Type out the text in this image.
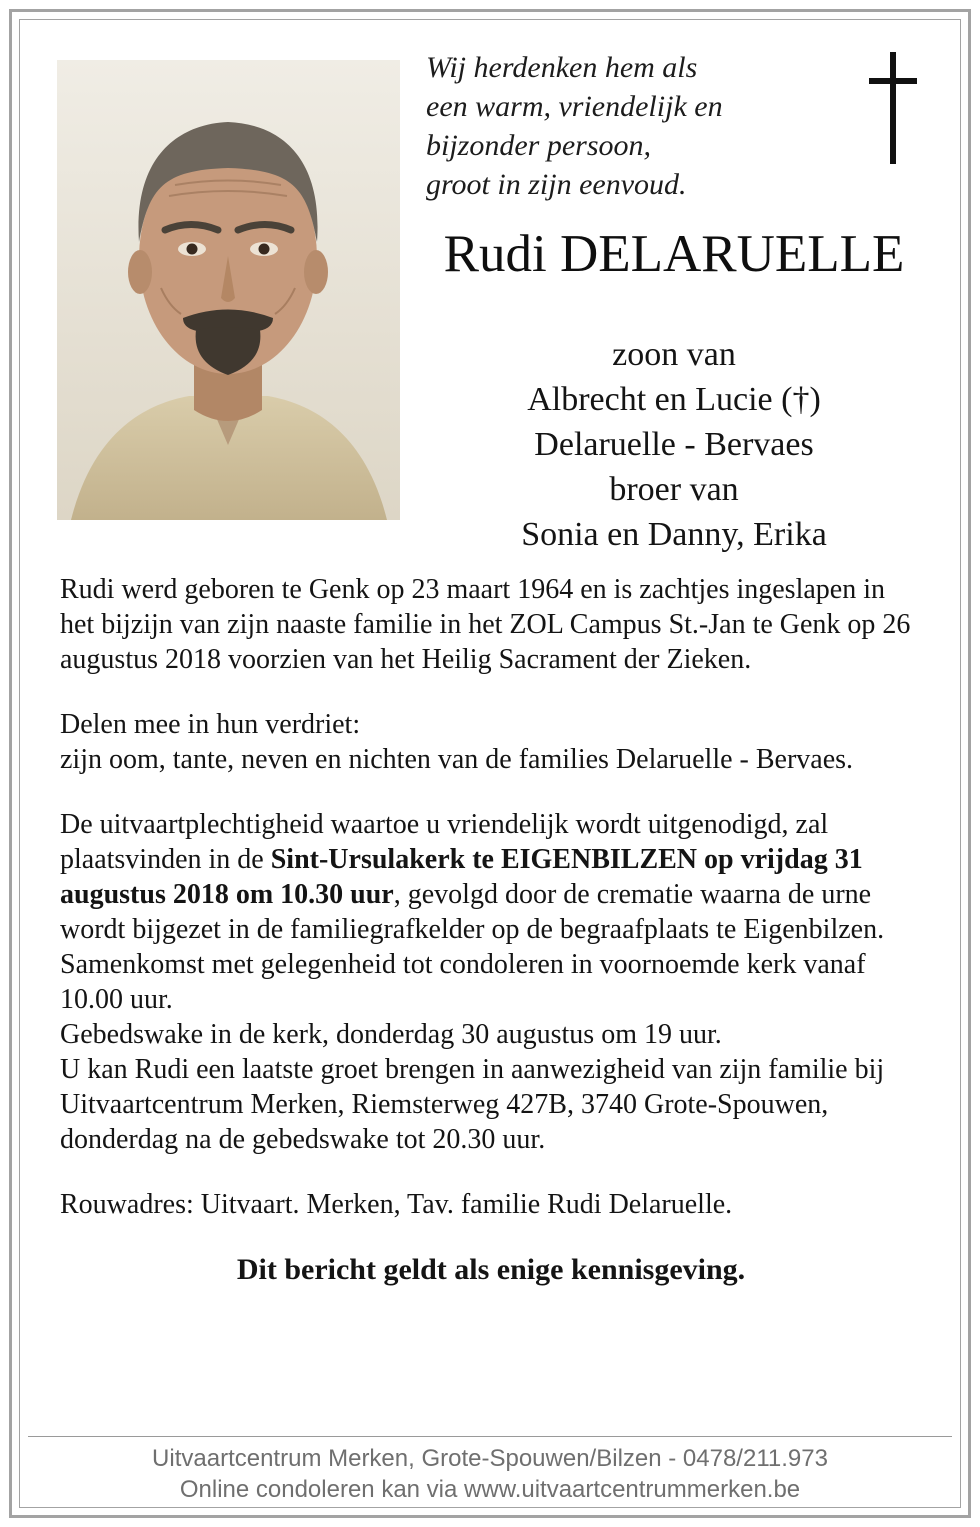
Wij herdenken hem als
een warm, vriendelijk en
bijzonder persoon,
groot in zijn eenvoud.
Rudi DELARUELLE
zoon van
Albrecht en Lucie (†)
Delaruelle - Bervaes
broer van
Sonia en Danny, Erika

Rudi werd geboren te Genk op 23 maart 1964 en is zachtjes ingeslapen in het bijzijn van zijn naaste familie in het ZOL Campus St.-Jan te Genk op 26 augustus 2018 voorzien van het Heilig Sacrament der Zieken.

Delen mee in hun verdriet:

zijn oom, tante, neven en nichten van de families Delaruelle - Bervaes.

De uitvaartplechtigheid waartoe u vriendelijk wordt uitgenodigd, zal plaatsvinden in de Sint-Ursulakerk te EIGENBILZEN op vrijdag 31 augustus 2018 om 10.30 uur, gevolgd door de crematie waarna de urne wordt bijgezet in de familiegrafkelder op de begraafplaats te Eigenbilzen. Samenkomst met gelegenheid tot condoleren in voornoemde kerk vanaf 10.00 uur.

Gebedswake in de kerk, donderdag 30 augustus om 19 uur.

U kan Rudi een laatste groet brengen in aanwezigheid van zijn familie bij Uitvaartcentrum Merken, Riemsterweg 427B, 3740 Grote-Spouwen, donderdag na de gebedswake tot 20.30 uur.

Rouwadres: Uitvaart. Merken, Tav. familie Rudi Delaruelle.

Dit bericht geldt als enige kennisgeving.

Uitvaartcentrum Merken, Grote-Spouwen/Bilzen - 0478/211.973
Online condoleren kan via www.uitvaartcentrummerken.be
